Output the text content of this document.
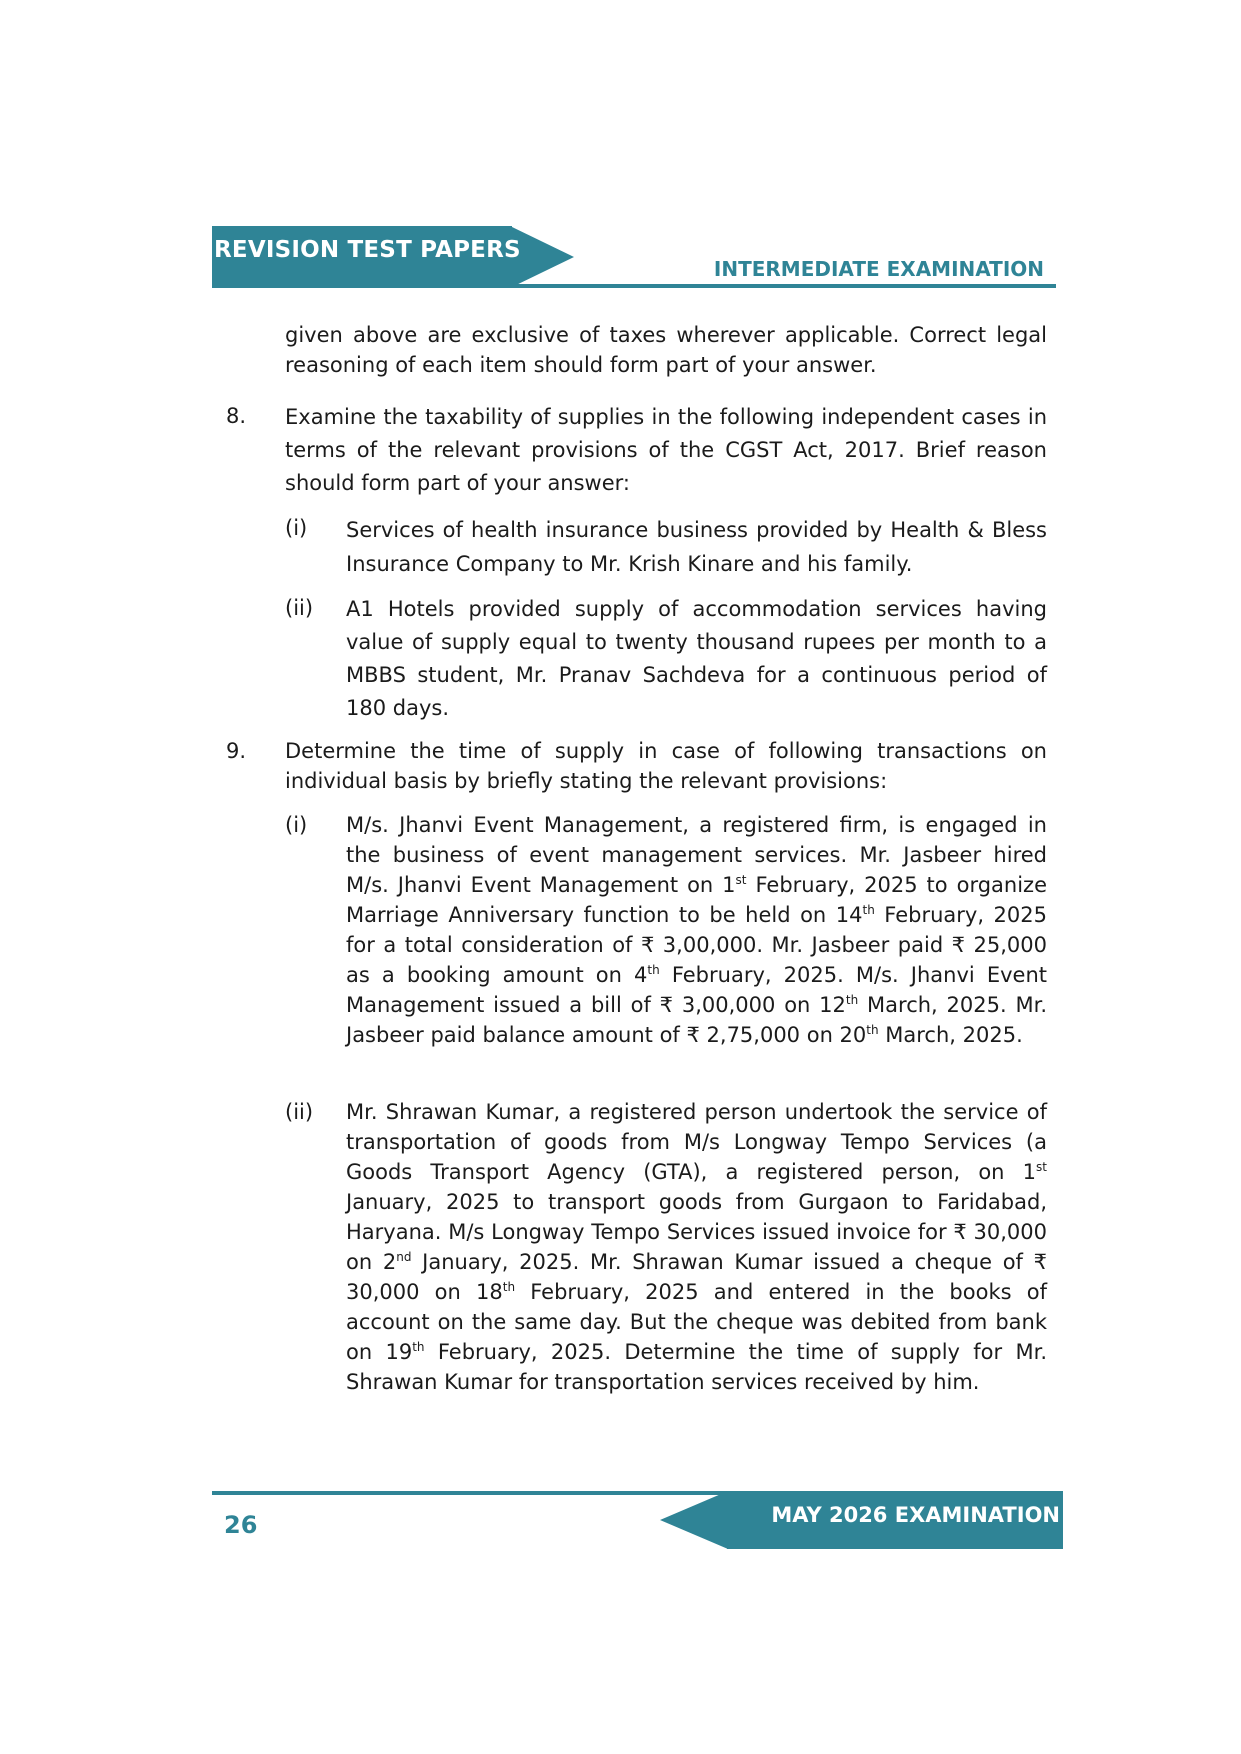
REVISION TEST PAPERS
INTERMEDIATE EXAMINATION
given above are exclusive of taxes wherever applicable. Correct legal reasoning of each item should form part of your answer.
8. Examine the taxability of supplies in the following independent cases in terms of the relevant provisions of the CGST Act, 2017. Brief reason should form part of your answer:
(i) Services of health insurance business provided by Health & Bless Insurance Company to Mr. Krish Kinare and his family.
(ii) A1 Hotels provided supply of accommodation services having value of supply equal to twenty thousand rupees per month to a MBBS student, Mr. Pranav Sachdeva for a continuous period of 180 days.
9. Determine the time of supply in case of following transactions on individual basis by briefly stating the relevant provisions:
(i) M/s. Jhanvi Event Management, a registered firm, is engaged in the business of event management services. Mr. Jasbeer hired M/s. Jhanvi Event Management on 1st February, 2025 to organize Marriage Anniversary function to be held on 14th February, 2025 for a total consideration of ₹ 3,00,000. Mr. Jasbeer paid ₹ 25,000 as a booking amount on 4th February, 2025. M/s. Jhanvi Event Management issued a bill of ₹ 3,00,000 on 12th March, 2025. Mr. Jasbeer paid balance amount of ₹ 2,75,000 on 20th March, 2025.
(ii) Mr. Shrawan Kumar, a registered person undertook the service of transportation of goods from M/s Longway Tempo Services (a Goods Transport Agency (GTA), a registered person, on 1st January, 2025 to transport goods from Gurgaon to Faridabad, Haryana. M/s Longway Tempo Services issued invoice for ₹ 30,000 on 2nd January, 2025. Mr. Shrawan Kumar issued a cheque of ₹ 30,000 on 18th February, 2025 and entered in the books of account on the same day. But the cheque was debited from bank on 19th February, 2025. Determine the time of supply for Mr. Shrawan Kumar for transportation services received by him.
MAY 2026 EXAMINATION
26
